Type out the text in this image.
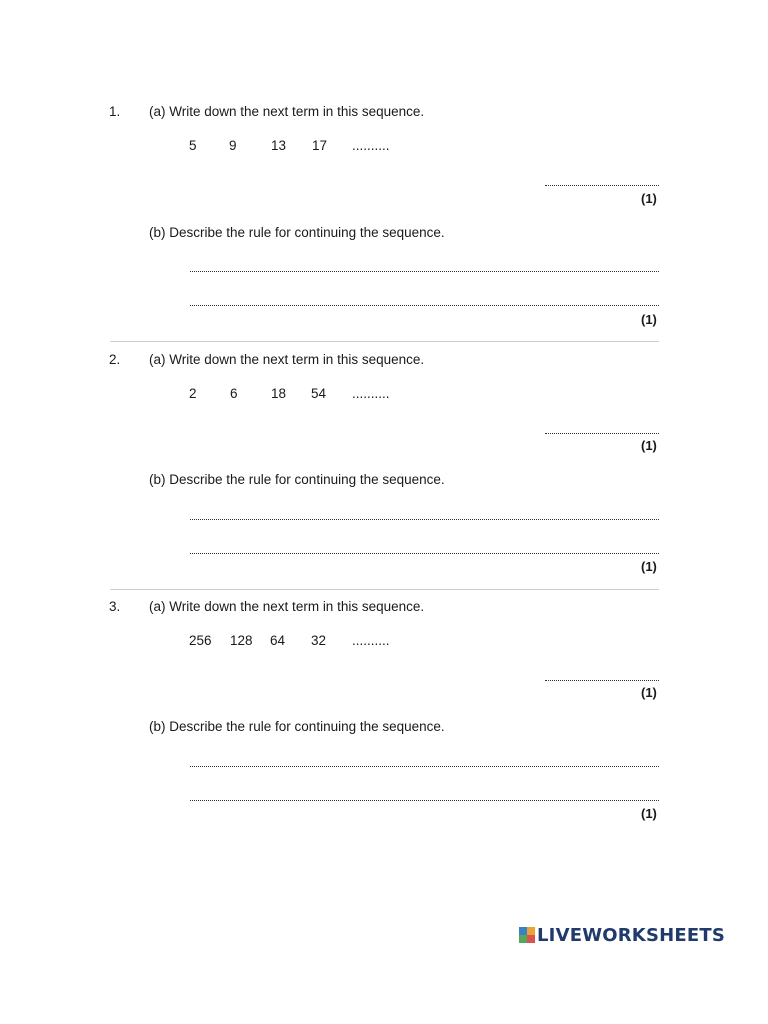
1. (a) Write down the next term in this sequence.
5 9	13 17 ..........
(1)
(b) Describe the rule for continuing the sequence.
(1)
2. (a) Write down the next term in this sequence.
2 6 18 54 ..........
(1)
(b) Describe the rule for continuing the sequence.
(1)
3. (a) Write down the next term in this sequence.
256 128 64 32 ..........
(1)
(b) Describe the rule for continuing the sequence.
(1)
LIVEWORKSHEETS
